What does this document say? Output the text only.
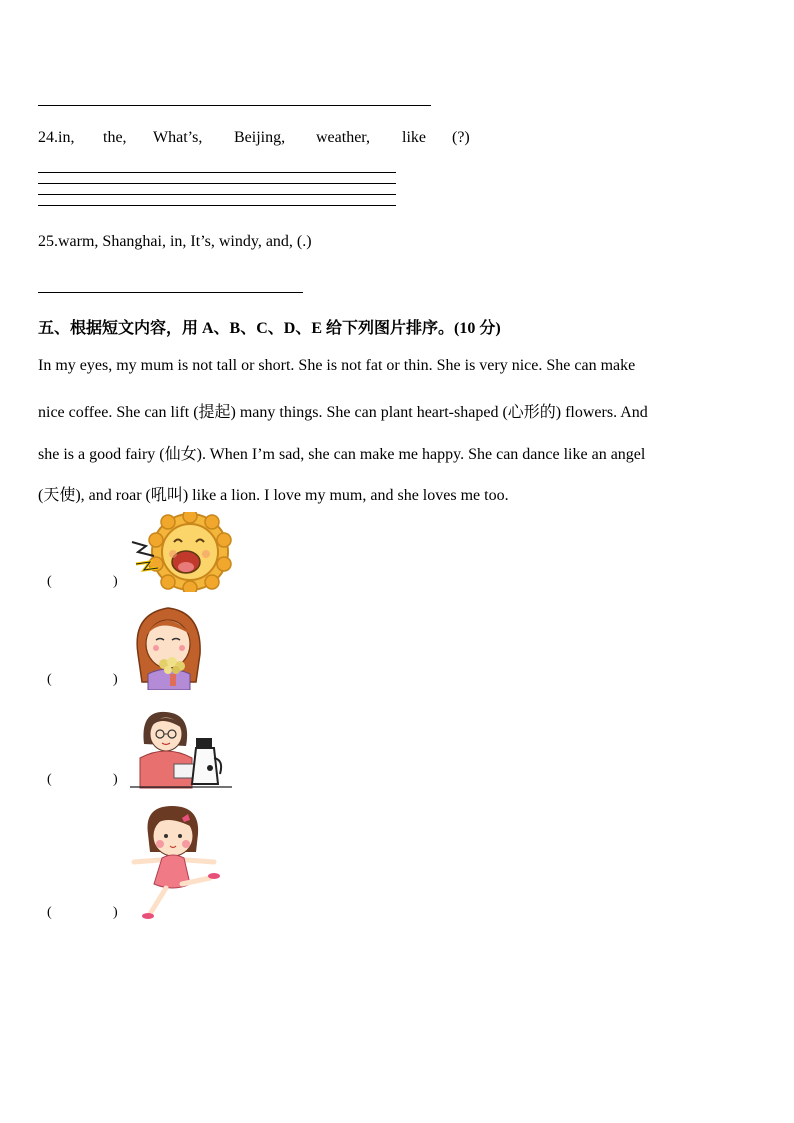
24.in, the, What’s, Beijing, weather, like (?)
25.warm, Shanghai, in, It’s, windy, and, (.)
五、根据短文内容，用 A、B、C、D、E 给下列图片排序。(10 分)
In my eyes, my mum is not tall or short. She is not fat or thin. She is very nice. She can make
nice coffee. She can lift (提起) many things. She can plant heart-shaped (心形的) flowers. And
she is a good fairy (仙女). When I’m sad, she can make me happy. She can dance like an angel
(天使), and roar (吼叫) like a lion. I love my mum, and she loves me too.
(	)
(	)
(	)
(	)
